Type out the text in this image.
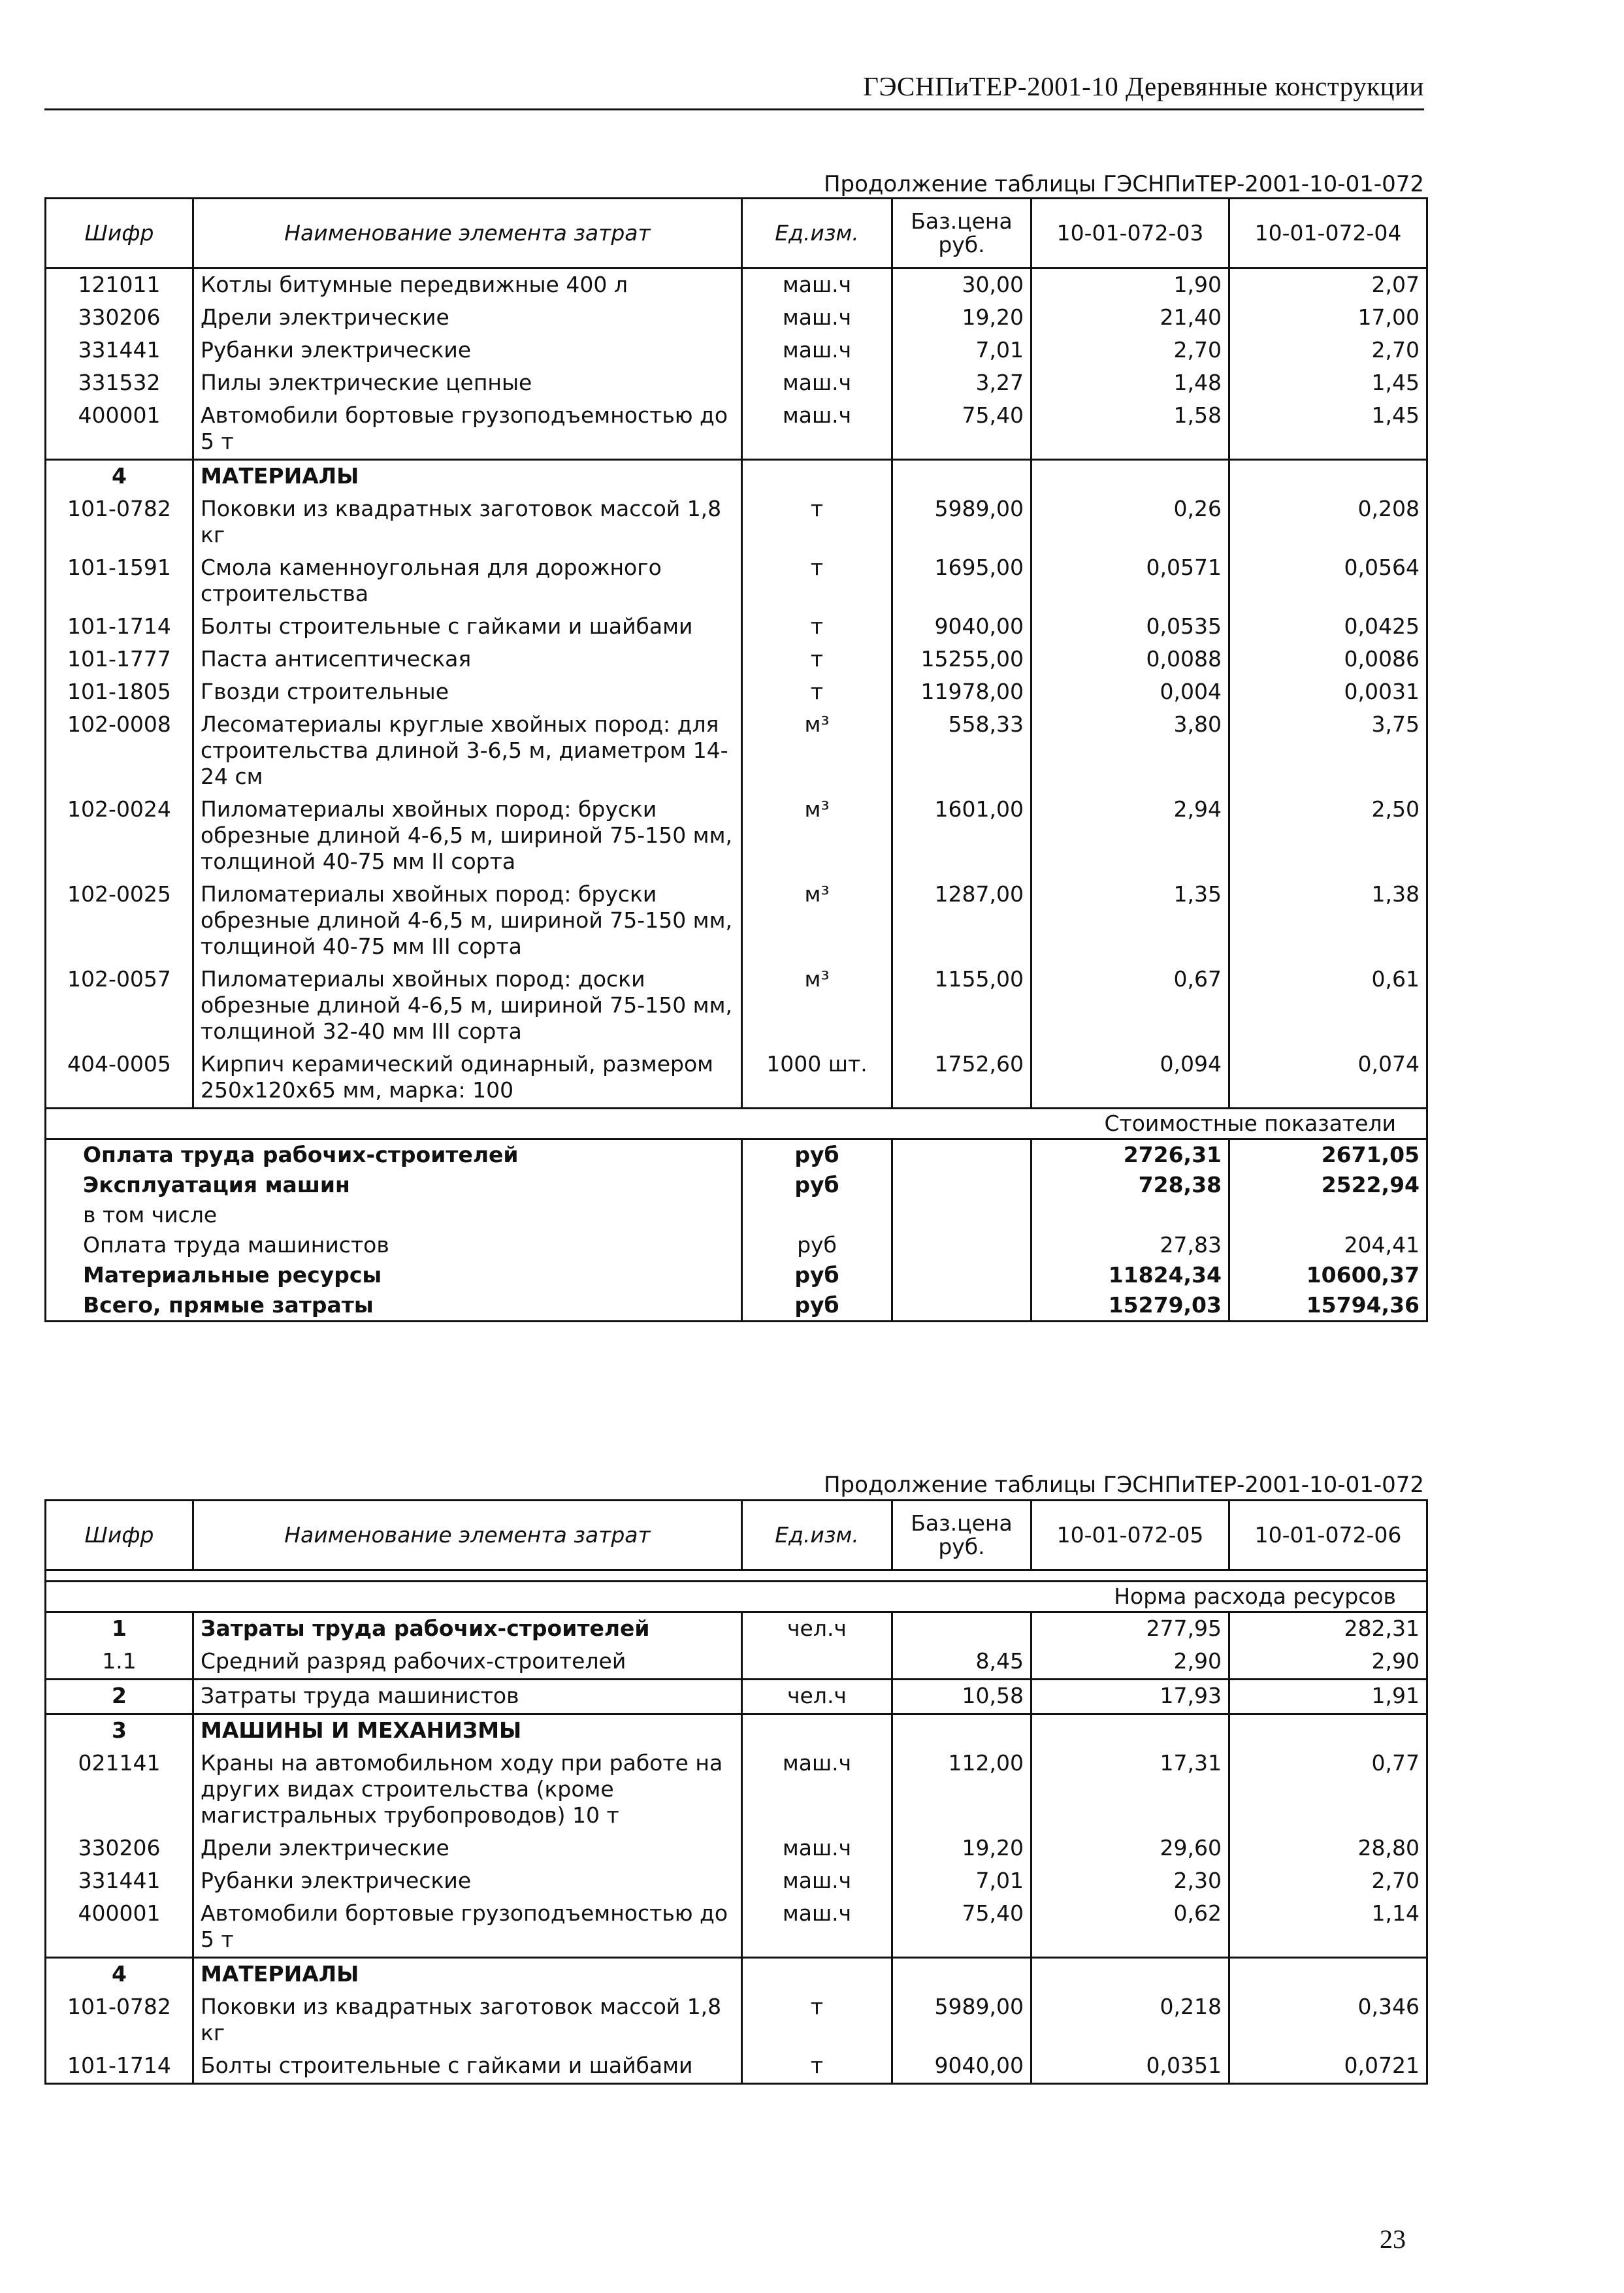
ГЭСНПиТЕР-2001-10 Деревянные конструкции
Продолжение таблицы ГЭСНПиТЕР-2001-10-01-072
Шифр	Наименование элемента затрат	Ед.изм.	Баз.цена руб.	10-01-072-03	10-01-072-04
121011	Котлы битумные передвижные 400 л	маш.ч	30,00	1,90	2,07
330206	Дрели электрические	маш.ч	19,20	21,40	17,00
331441	Рубанки электрические	маш.ч	7,01	2,70	2,70
331532	Пилы электрические цепные	маш.ч	3,27	1,48	1,45
400001	Автомобили бортовые грузоподъемностью до 5 т	маш.ч	75,40	1,58	1,45
4	МАТЕРИАЛЫ				
101-0782	Поковки из квадратных заготовок массой 1,8 кг	т	5989,00	0,26	0,208
101-1591	Смола каменноугольная для дорожного строительства	т	1695,00	0,0571	0,0564
101-1714	Болты строительные с гайками и шайбами	т	9040,00	0,0535	0,0425
101-1777	Паста антисептическая	т	15255,00	0,0088	0,0086
101-1805	Гвозди строительные	т	11978,00	0,004	0,0031
102-0008	Лесоматериалы круглые хвойных пород: для строительства длиной 3-6,5 м, диаметром 14-24 см	м³	558,33	3,80	3,75
102-0024	Пиломатериалы хвойных пород: бруски обрезные длиной 4-6,5 м, шириной 75-150 мм, толщиной 40-75 мм II сорта	м³	1601,00	2,94	2,50
102-0025	Пиломатериалы хвойных пород: бруски обрезные длиной 4-6,5 м, шириной 75-150 мм, толщиной 40-75 мм III сорта	м³	1287,00	1,35	1,38
102-0057	Пиломатериалы хвойных пород: доски обрезные длиной 4-6,5 м, шириной 75-150 мм, толщиной 32-40 мм III сорта	м³	1155,00	0,67	0,61
404-0005	Кирпич керамический одинарный, размером 250x120x65 мм, марка: 100	1000 шт.	1752,60	0,094	0,074
Стоимостные показатели					
Оплата труда рабочих-строителей		руб		2726,31	2671,05
Эксплуатация машин		руб		728,38	2522,94
в том числе					
Оплата труда машинистов		руб		27,83	204,41
Материальные ресурсы		руб		11824,34	10600,37
Всего, прямые затраты		руб		15279,03	15794,36
Продолжение таблицы ГЭСНПиТЕР-2001-10-01-072
Шифр	Наименование элемента затрат	Ед.изм.	Баз.цена руб.	10-01-072-05	10-01-072-06

Норма расхода ресурсов					
1	Затраты труда рабочих-строителей	чел.ч		277,95	282,31
1.1	Средний разряд рабочих-строителей		8,45	2,90	2,90
2	Затраты труда машинистов	чел.ч	10,58	17,93	1,91
3	МАШИНЫ И МЕХАНИЗМЫ				
021141	Краны на автомобильном ходу при работе на других видах строительства (кроме магистральных трубопроводов) 10 т	маш.ч	112,00	17,31	0,77
330206	Дрели электрические	маш.ч	19,20	29,60	28,80
331441	Рубанки электрические	маш.ч	7,01	2,30	2,70
400001	Автомобили бортовые грузоподъемностью до 5 т	маш.ч	75,40	0,62	1,14
4	МАТЕРИАЛЫ				
101-0782	Поковки из квадратных заготовок массой 1,8 кг	т	5989,00	0,218	0,346
101-1714	Болты строительные с гайками и шайбами	т	9040,00	0,0351	0,0721
23
